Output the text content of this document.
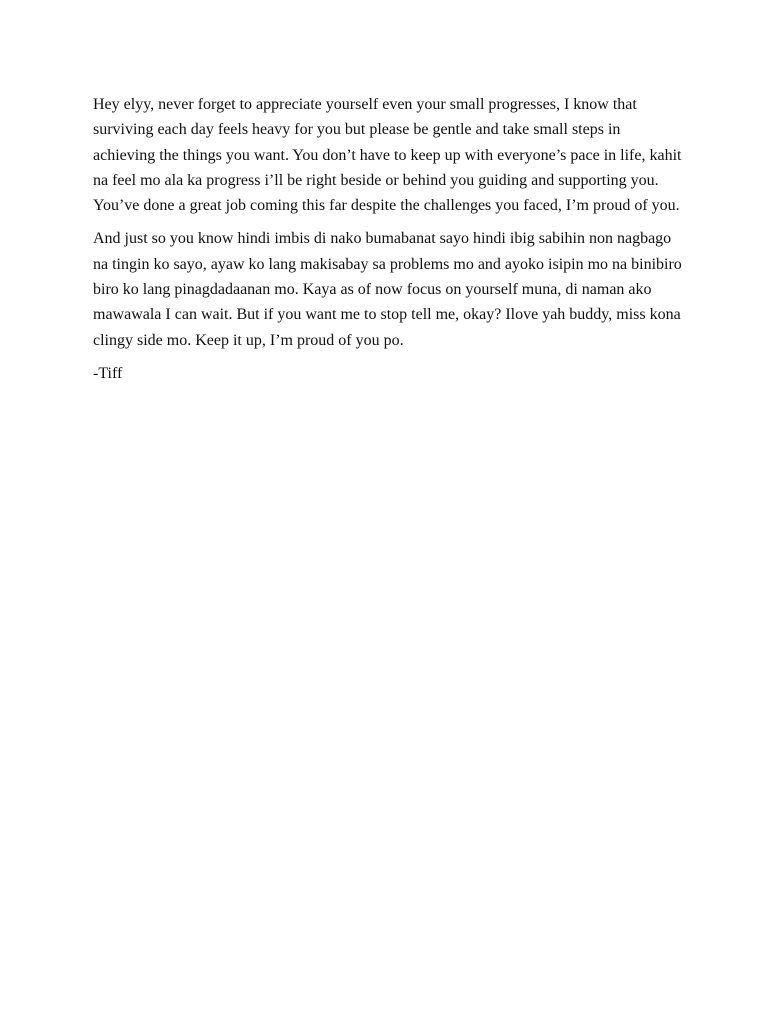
Hey elyy, never forget to appreciate yourself even your small progresses, I know that surviving each day feels heavy for you but please be gentle and take small steps in achieving the things you want. You don’t have to keep up with everyone’s pace in life, kahit na feel mo ala ka progress i’ll be right beside or behind you guiding and supporting you. You’ve done a great job coming this far despite the challenges you faced, I’m proud of you.

And just so you know hindi imbis di nako bumabanat sayo hindi ibig sabihin non nagbago na tingin ko sayo, ayaw ko lang makisabay sa problems mo and ayoko isipin mo na binibiro biro ko lang pinagdadaanan mo. Kaya as of now focus on yourself muna, di naman ako mawawala I can wait. But if you want me to stop tell me, okay? Ilove yah buddy, miss kona clingy side mo. Keep it up, I’m proud of you po.

-Tiff
